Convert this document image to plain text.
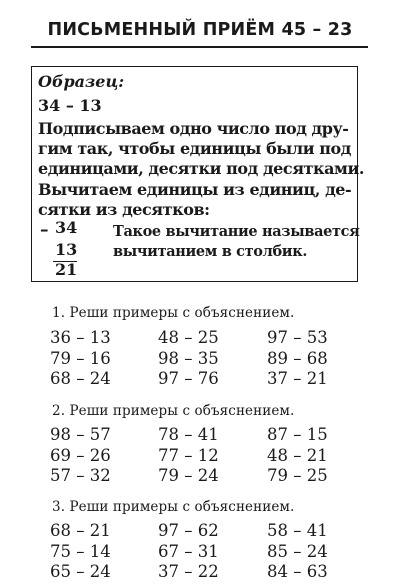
ПИСЬМЕННЫЙ ПРИЁМ 45 – 23
Образец:
34 – 13
Подписываем одно число под дру-
гим так, чтобы единицы были под
единицами, десятки под десятками.
Вычитаем единицы из единиц, де-
сятки из десятков:
– 34
13
21
Такое вычитание называется
вычитанием в столбик.
1. Реши примеры с объяснением.
36 – 13	48 – 25	97 – 53
79 – 16	98 – 35	89 – 68
68 – 24	97 – 76	37 – 21
2. Реши примеры с объяснением.
98 – 57	78 – 41	87 – 15
69 – 26	77 – 12	48 – 21
57 – 32	79 – 24	79 – 25
3. Реши примеры с объяснением.
68 – 21	97 – 62	58 – 41
75 – 14	67 – 31	85 – 24
65 – 24	37 – 22	84 – 63
